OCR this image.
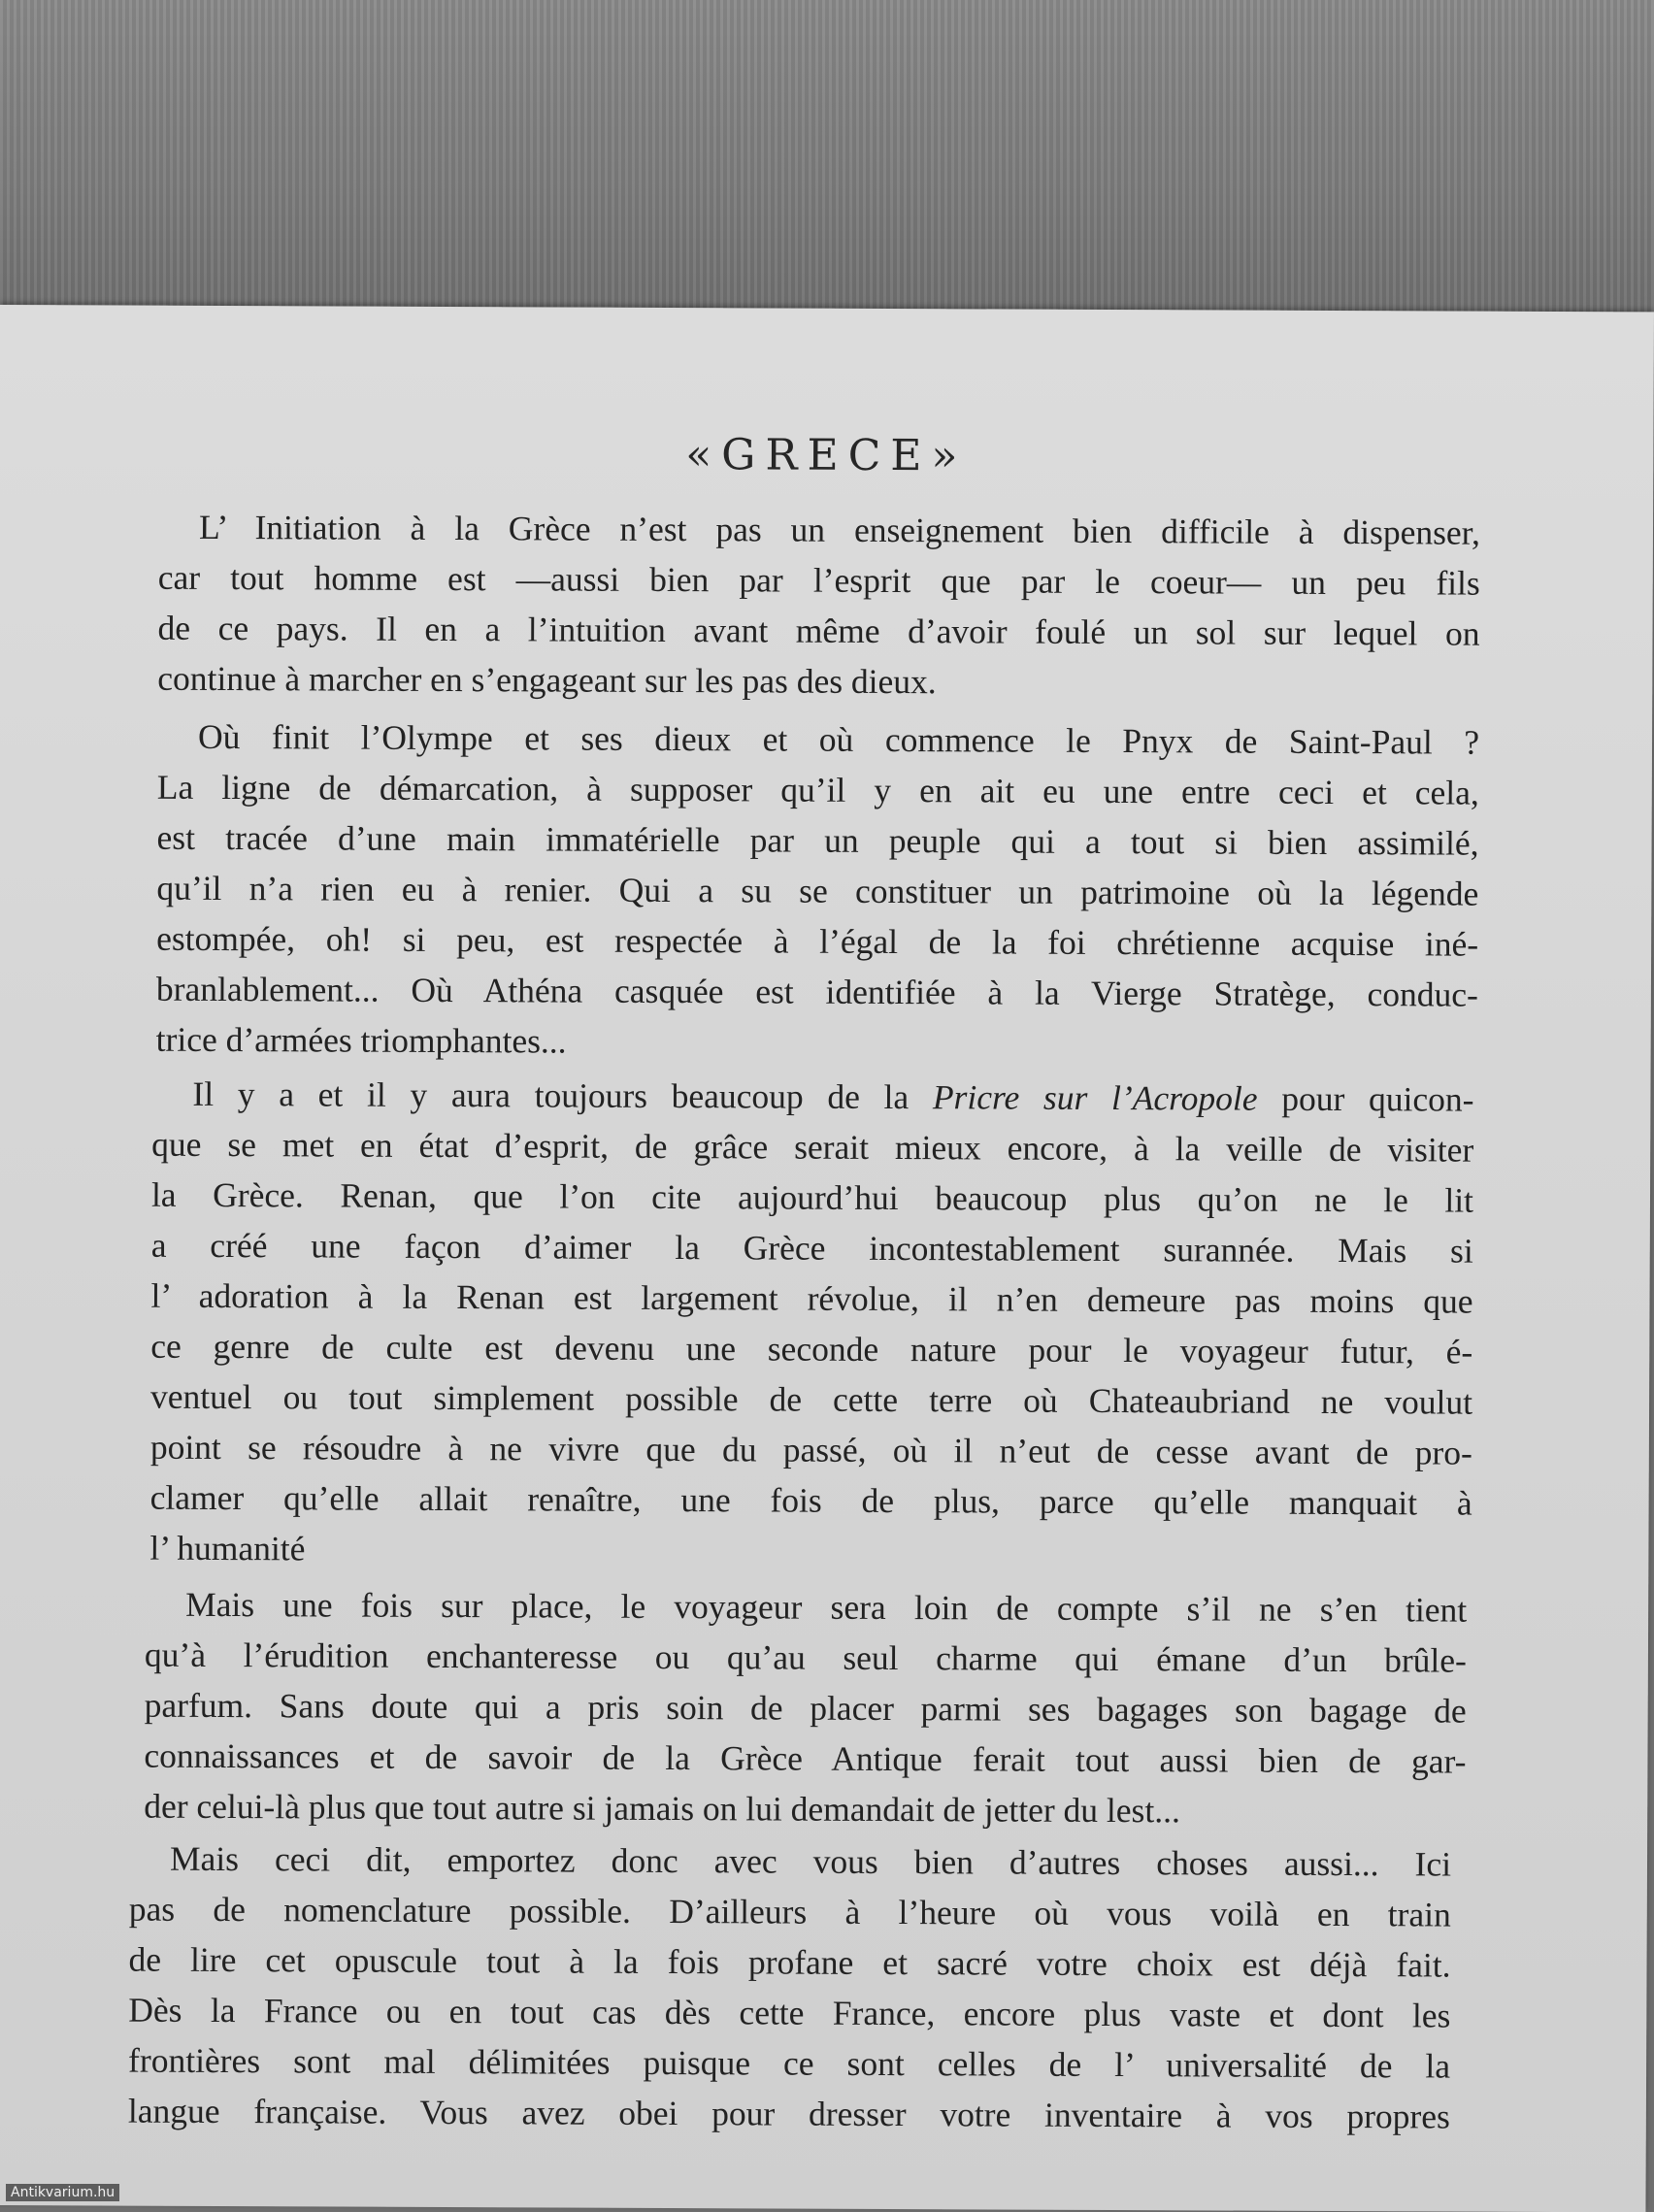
«GRECE»
L’ Initiation à la Grèce n’est pas un enseignement bien difficile à dispenser,
car tout homme est —aussi bien par l’esprit que par le coeur— un peu fils
de ce pays. Il en a l’intuition avant même d’avoir foulé un sol sur lequel on
continue à marcher en s’engageant sur les pas des dieux.
Où finit l’Olympe et ses dieux et où commence le Pnyx de Saint-Paul ?
La ligne de démarcation, à supposer qu’il y en ait eu une entre ceci et cela,
est tracée d’une main immatérielle par un peuple qui a tout si bien assimilé,
qu’il n’a rien eu à renier. Qui a su se constituer un patrimoine où la légende
estompée, oh! si peu, est respectée à l’égal de la foi chrétienne acquise iné-
branlablement... Où Athéna casquée est identifiée à la Vierge Stratège, conduc-
trice d’armées triomphantes...
Il y a et il y aura toujours beaucoup de la Pricre sur l’Acropole pour quicon-
que se met en état d’esprit, de grâce serait mieux encore, à la veille de visiter
la Grèce. Renan, que l’on cite aujourd’hui beaucoup plus qu’on ne le lit
a créé une façon d’aimer la Grèce incontestablement surannée. Mais si
l’ adoration à la Renan est largement révolue, il n’en demeure pas moins que
ce genre de culte est devenu une seconde nature pour le voyageur futur, é-
ventuel ou tout simplement possible de cette terre où Chateaubriand ne voulut
point se résoudre à ne vivre que du passé, où il n’eut de cesse avant de pro-
clamer qu’elle allait renaître, une fois de plus, parce qu’elle manquait à
l’ humanité
Mais une fois sur place, le voyageur sera loin de compte s’il ne s’en tient
qu’à l’érudition enchanteresse ou qu’au seul charme qui émane d’un brûle-
parfum. Sans doute qui a pris soin de placer parmi ses bagages son bagage de
connaissances et de savoir de la Grèce Antique ferait tout aussi bien de gar-
der celui-là plus que tout autre si jamais on lui demandait de jetter du lest...
Mais ceci dit, emportez donc avec vous bien d’autres choses aussi... Ici
pas de nomenclature possible. D’ailleurs à l’heure où vous voilà en train
de lire cet opuscule tout à la fois profane et sacré votre choix est déjà fait.
Dès la France ou en tout cas dès cette France, encore plus vaste et dont les
frontières sont mal délimitées puisque ce sont celles de l’ universalité de la
langue française. Vous avez obei pour dresser votre inventaire à vos propres
Antikvarium.hu
